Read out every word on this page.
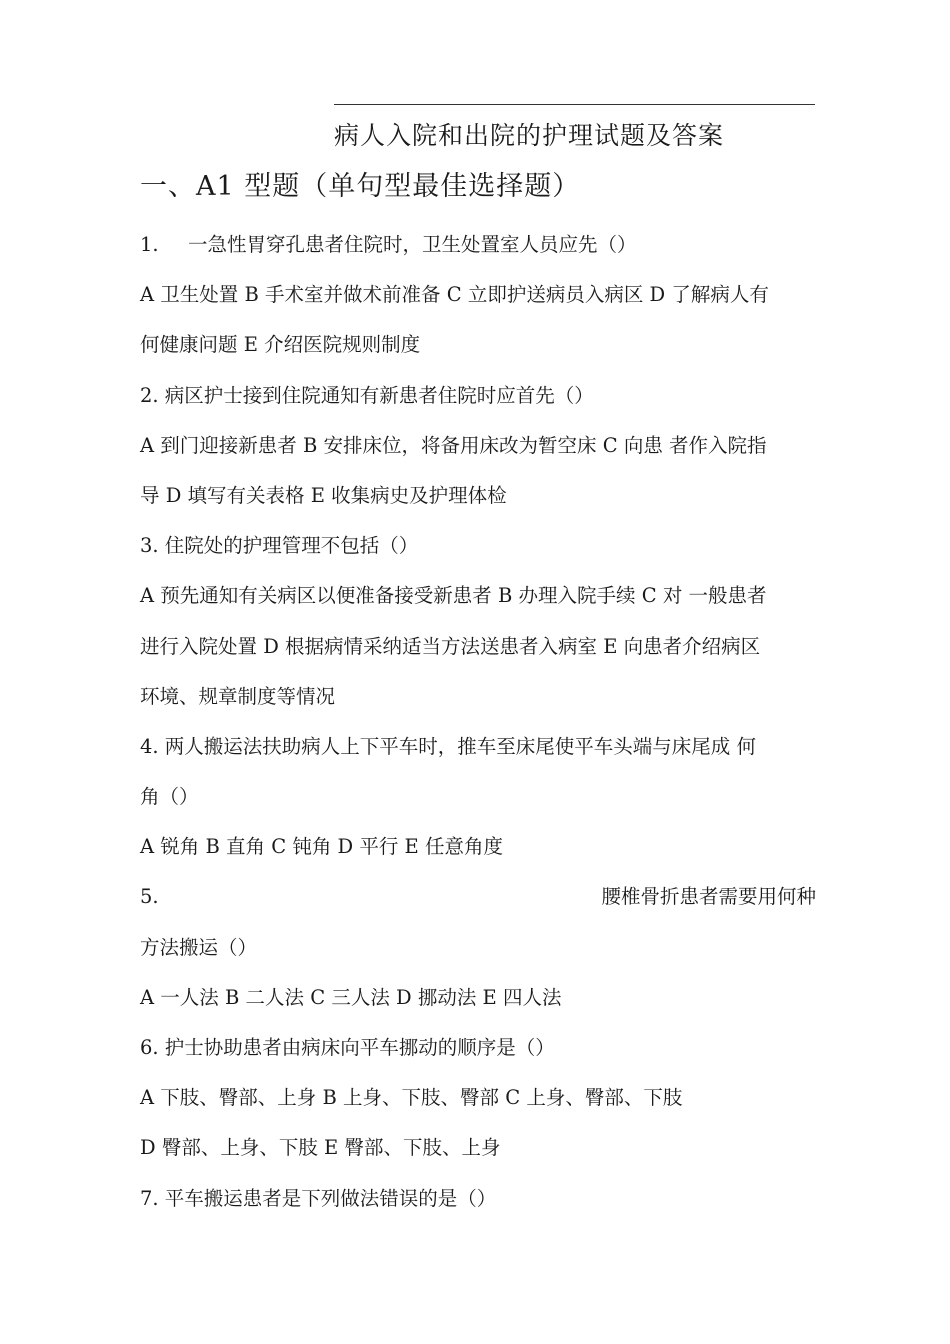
病人入院和出院的护理试题及答案
一、A1 型题（单句型最佳选择题）
1. 一急性胃穿孔患者住院时，卫生处置室人员应先（）
A 卫生处置 B 手术室并做术前准备 C 立即护送病员入病区 D 了解病人有
何健康问题 E 介绍医院规则制度
2. 病区护士接到住院通知有新患者住院时应首先（）
A 到门迎接新患者 B 安排床位，将备用床改为暂空床 C 向患 者作入院指
导 D 填写有关表格 E 收集病史及护理体检
3. 住院处的护理管理不包括（）
A 预先通知有关病区以便准备接受新患者 B 办理入院手续 C 对 一般患者
进行入院处置 D 根据病情采纳适当方法送患者入病室 E 向患者介绍病区
环境、规章制度等情况
4. 两人搬运法扶助病人上下平车时，推车至床尾使平车头端与床尾成 何
角（）
A 锐角 B 直角 C 钝角 D 平行 E 任意角度
5.	腰椎骨折患者需要用何种
方法搬运（）
A 一人法 B 二人法 C 三人法 D 挪动法 E 四人法
6. 护士协助患者由病床向平车挪动的顺序是（）
A 下肢、臀部、上身 B 上身、下肢、臀部 C 上身、臀部、下肢
D 臀部、上身、下肢 E 臀部、下肢、上身
7. 平车搬运患者是下列做法错误的是（）
